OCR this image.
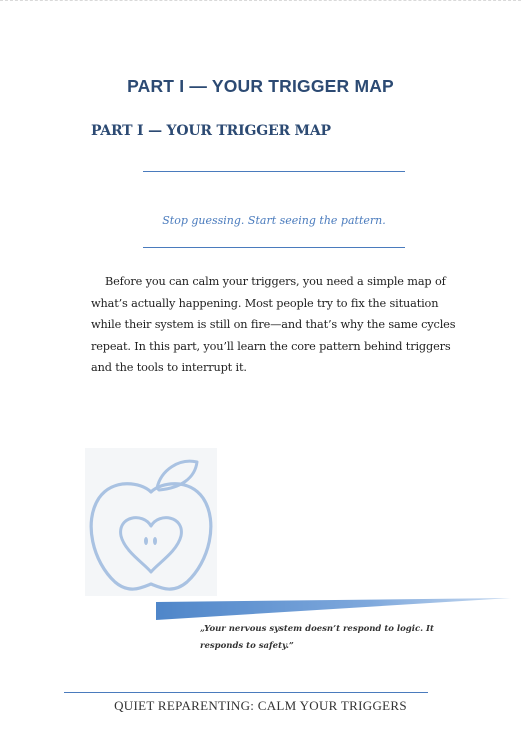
PART I — YOUR TRIGGER MAP
PART I — YOUR TRIGGER MAP
Stop guessing. Start seeing the pattern.

Before you can calm your triggers, you need a simple map of what’s actually happening. Most people try to fix the situation while their system is still on fire—and that’s why the same cycles repeat. In this part, you’ll learn the core pattern behind triggers and the tools to interrupt it.

„Your nervous system doesn’t respond to logic. It responds to safety.”

QUIET REPARENTING: CALM YOUR TRIGGERS
